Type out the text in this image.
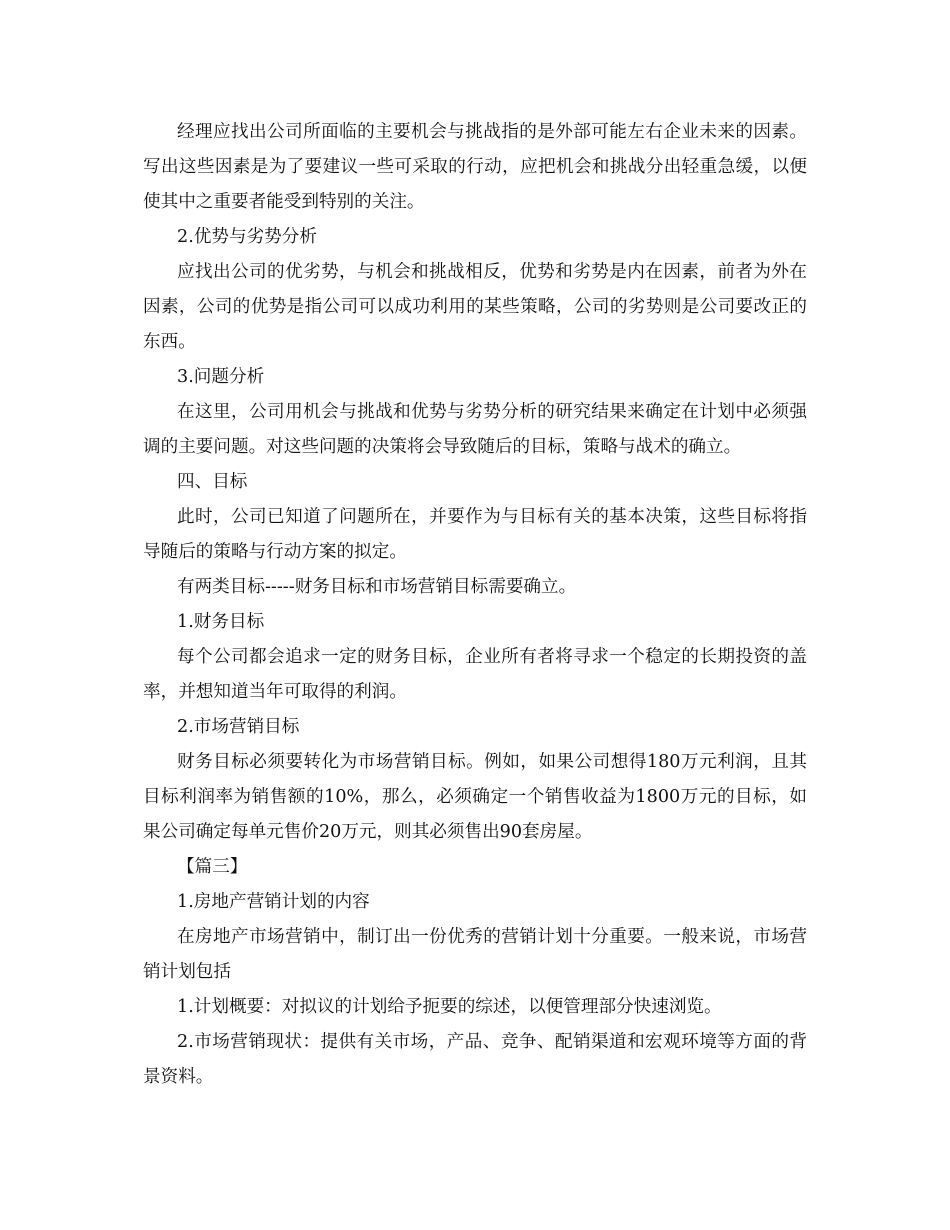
经理应找出公司所面临的主要机会与挑战指的是外部可能左右企业未来的因素。写出这些因素是为了要建议一些可采取的行动，应把机会和挑战分出轻重急缓，以便使其中之重要者能受到特别的关注。

2.优势与劣势分析

应找出公司的优劣势，与机会和挑战相反，优势和劣势是内在因素，前者为外在因素，公司的优势是指公司可以成功利用的某些策略，公司的劣势则是公司要改正的东西。

3.问题分析

在这里，公司用机会与挑战和优势与劣势分析的研究结果来确定在计划中必须强调的主要问题。对这些问题的决策将会导致随后的目标，策略与战术的确立。

四、目标

此时，公司已知道了问题所在，并要作为与目标有关的基本决策，这些目标将指导随后的策略与行动方案的拟定。

有两类目标-----财务目标和市场营销目标需要确立。

1.财务目标

每个公司都会追求一定的财务目标，企业所有者将寻求一个稳定的长期投资的盖率，并想知道当年可取得的利润。

2.市场营销目标

财务目标必须要转化为市场营销目标。例如，如果公司想得180万元利润，且其目标利润率为销售额的10%，那么，必须确定一个销售收益为1800万元的目标，如果公司确定每单元售价20万元，则其必须售出90套房屋。

【篇三】

1.房地产营销计划的内容

在房地产市场营销中，制订出一份优秀的营销计划十分重要。一般来说，市场营销计划包括

1.计划概要：对拟议的计划给予扼要的综述，以便管理部分快速浏览。

2.市场营销现状：提供有关市场，产品、竞争、配销渠道和宏观环境等方面的背景资料。
